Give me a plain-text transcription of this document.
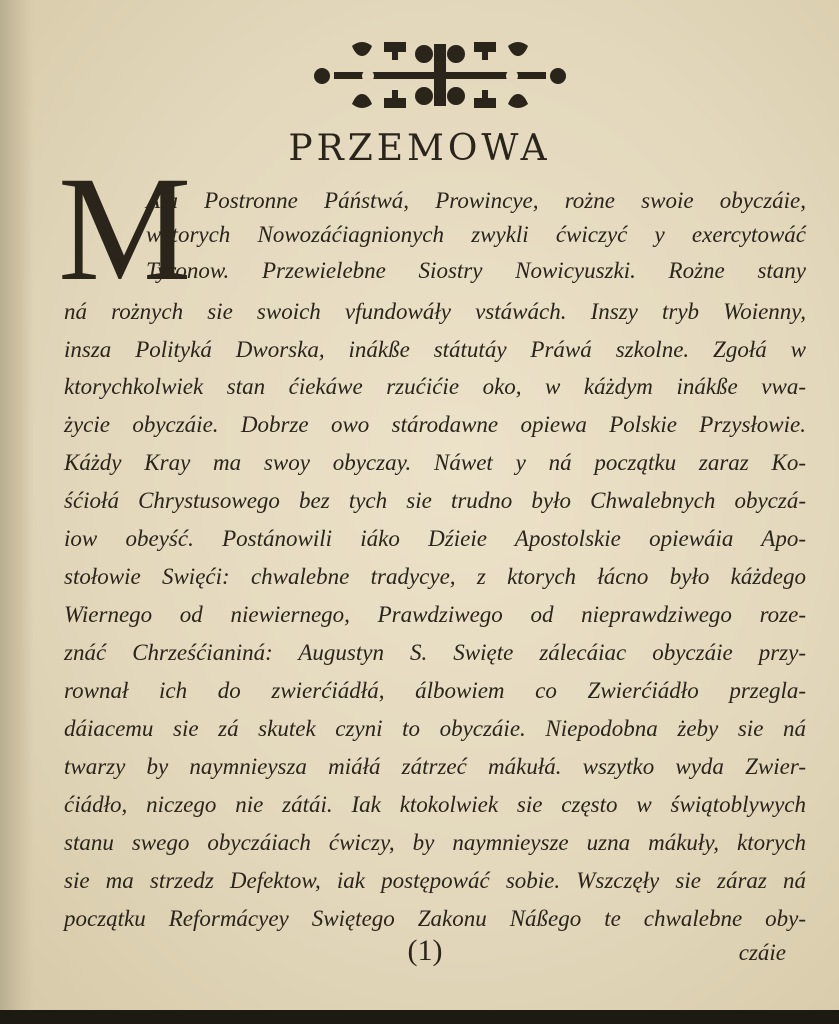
PRZEMOWA
M
Aia Postronne Páństwá, Prowincye, rożne swoie obyczáie,
wktorych Nowozáćiagnionych zwykli ćwiczyć y exercytowáć
Tyronow. Przewielebne Siostry Nowicyuszki. Rożne stany
ná rożnych sie swoich vfundowáły vstáwách. Inszy tryb Woienny,
insza Polityká Dworska, inákße státutáy Práwá szkolne. Zgołá w
ktorychkolwiek stan ćiekáwe rzućićie oko, w káżdym inákße vwa-
życie obyczáie. Dobrze owo stárodawne opiewa Polskie Przysłowie.
Káżdy Kray ma swoy obyczay. Náwet y ná początku zaraz Ko-
śćiołá Chrystusowego bez tych sie trudno było Chwalebnych obyczá-
iow obeyść. Postánowili iáko Dźieie Apostolskie opiewáia Apo-
stołowie Swięći: chwalebne tradycye, z ktorych łácno było káżdego
Wiernego od niewiernego, Prawdziwego od nieprawdziwego roze-
znáć Chrześćianiná: Augustyn S. Swięte zálecáiac obyczáie przy-
rownał ich do zwierćiádłá, álbowiem co Zwierćiádło przegla-
dáiacemu sie zá skutek czyni to obyczáie. Niepodobna żeby sie ná
twarzy by naymnieysza miáłá zátrzeć mákułá. wszytko wyda Zwier-
ćiádło, niczego nie zátái. Iak ktokolwiek sie często w świątoblywych
stanu swego obyczáiach ćwiczy, by naymnieysze uzna mákuły, ktorych
sie ma strzedz Defektow, iak postępowáć sobie. Wszczęły sie záraz ná
początku Reformácyey Swiętego Zakonu Náßego te chwalebne oby-
(1)	czáie
